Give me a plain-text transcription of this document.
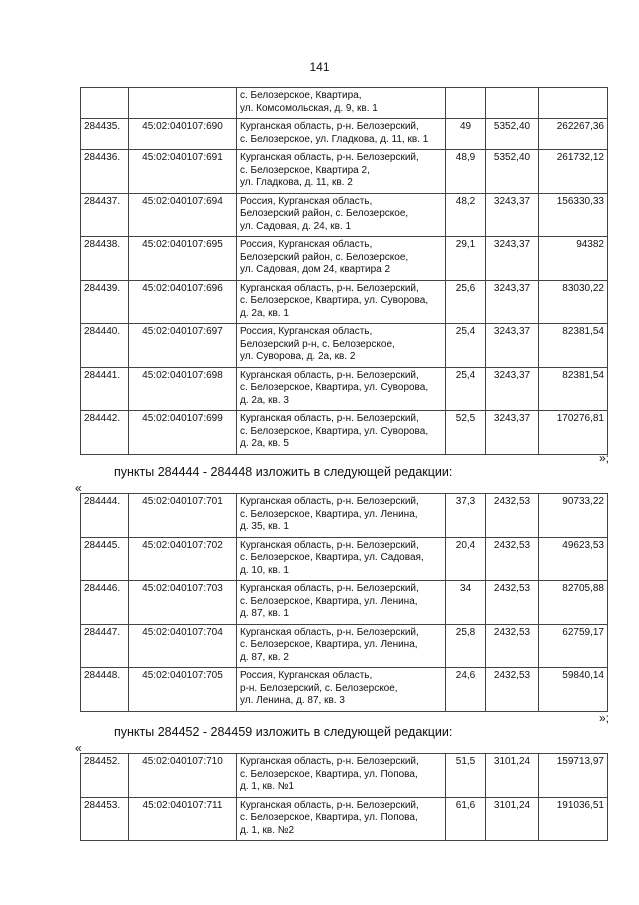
141

		с. Белозерское, Квартира,
ул. Комсомольская, д. 9, кв. 1			

284435.	45:02:040107:690	Курганская область, р-н. Белозерский,
с. Белозерское, ул. Гладкова, д. 11, кв. 1	49	5352,40	262267,36
284436.	45:02:040107:691	Курганская область, р-н. Белозерский,
с. Белозерское, Квартира 2,
ул. Гладкова, д. 11, кв. 2	48,9	5352,40	261732,12
284437.	45:02:040107:694	Россия, Курганская область,
Белозерский район, с. Белозерское,
ул. Садовая, д. 24, кв. 1	48,2	3243,37	156330,33
284438.	45:02:040107:695	Россия, Курганская область,
Белозерский район, с. Белозерское,
ул. Садовая, дом 24, квартира 2	29,1	3243,37	94382
284439.	45:02:040107:696	Курганская область, р-н. Белозерский,
с. Белозерское, Квартира, ул. Суворова,
д. 2а, кв. 1	25,6	3243,37	83030,22
284440.	45:02:040107:697	Россия, Курганская область,
Белозерский р-н, с. Белозерское,
ул. Суворова, д. 2а, кв. 2	25,4	3243,37	82381,54
284441.	45:02:040107:698	Курганская область, р-н. Белозерский,
с. Белозерское, Квартира, ул. Суворова,
д. 2а, кв. 3	25,4	3243,37	82381,54
284442.	45:02:040107:699	Курганская область, р-н. Белозерский,
с. Белозерское, Квартира, ул. Суворова,
д. 2а, кв. 5	52,5	3243,37	170276,81
»;
пункты 284444 - 284448 изложить в следующей редакции:
«
284444.	45:02:040107:701	Курганская область, р-н. Белозерский,
с. Белозерское, Квартира, ул. Ленина,
д. 35, кв. 1	37,3	2432,53	90733,22
284445.	45:02:040107:702	Курганская область, р-н. Белозерский,
с. Белозерское, Квартира, ул. Садовая,
д. 10, кв. 1	20,4	2432,53	49623,53
284446.	45:02:040107:703	Курганская область, р-н. Белозерский,
с. Белозерское, Квартира, ул. Ленина,
д. 87, кв. 1	34	2432,53	82705,88
284447.	45:02:040107:704	Курганская область, р-н. Белозерский,
с. Белозерское, Квартира, ул. Ленина,
д. 87, кв. 2	25,8	2432,53	62759,17
284448.	45:02:040107:705	Россия, Курганская область,
р-н. Белозерский, с. Белозерское,
ул. Ленина, д. 87, кв. 3	24,6	2432,53	59840,14
»;
пункты 284452 - 284459 изложить в следующей редакции:
«
284452.	45:02:040107:710	Курганская область, р-н. Белозерский,
с. Белозерское, Квартира, ул. Попова,
д. 1, кв. №1	51,5	3101,24	159713,97
284453.	45:02:040107:711	Курганская область, р-н. Белозерский,
с. Белозерское, Квартира, ул. Попова,
д. 1, кв. №2	61,6	3101,24	191036,51
